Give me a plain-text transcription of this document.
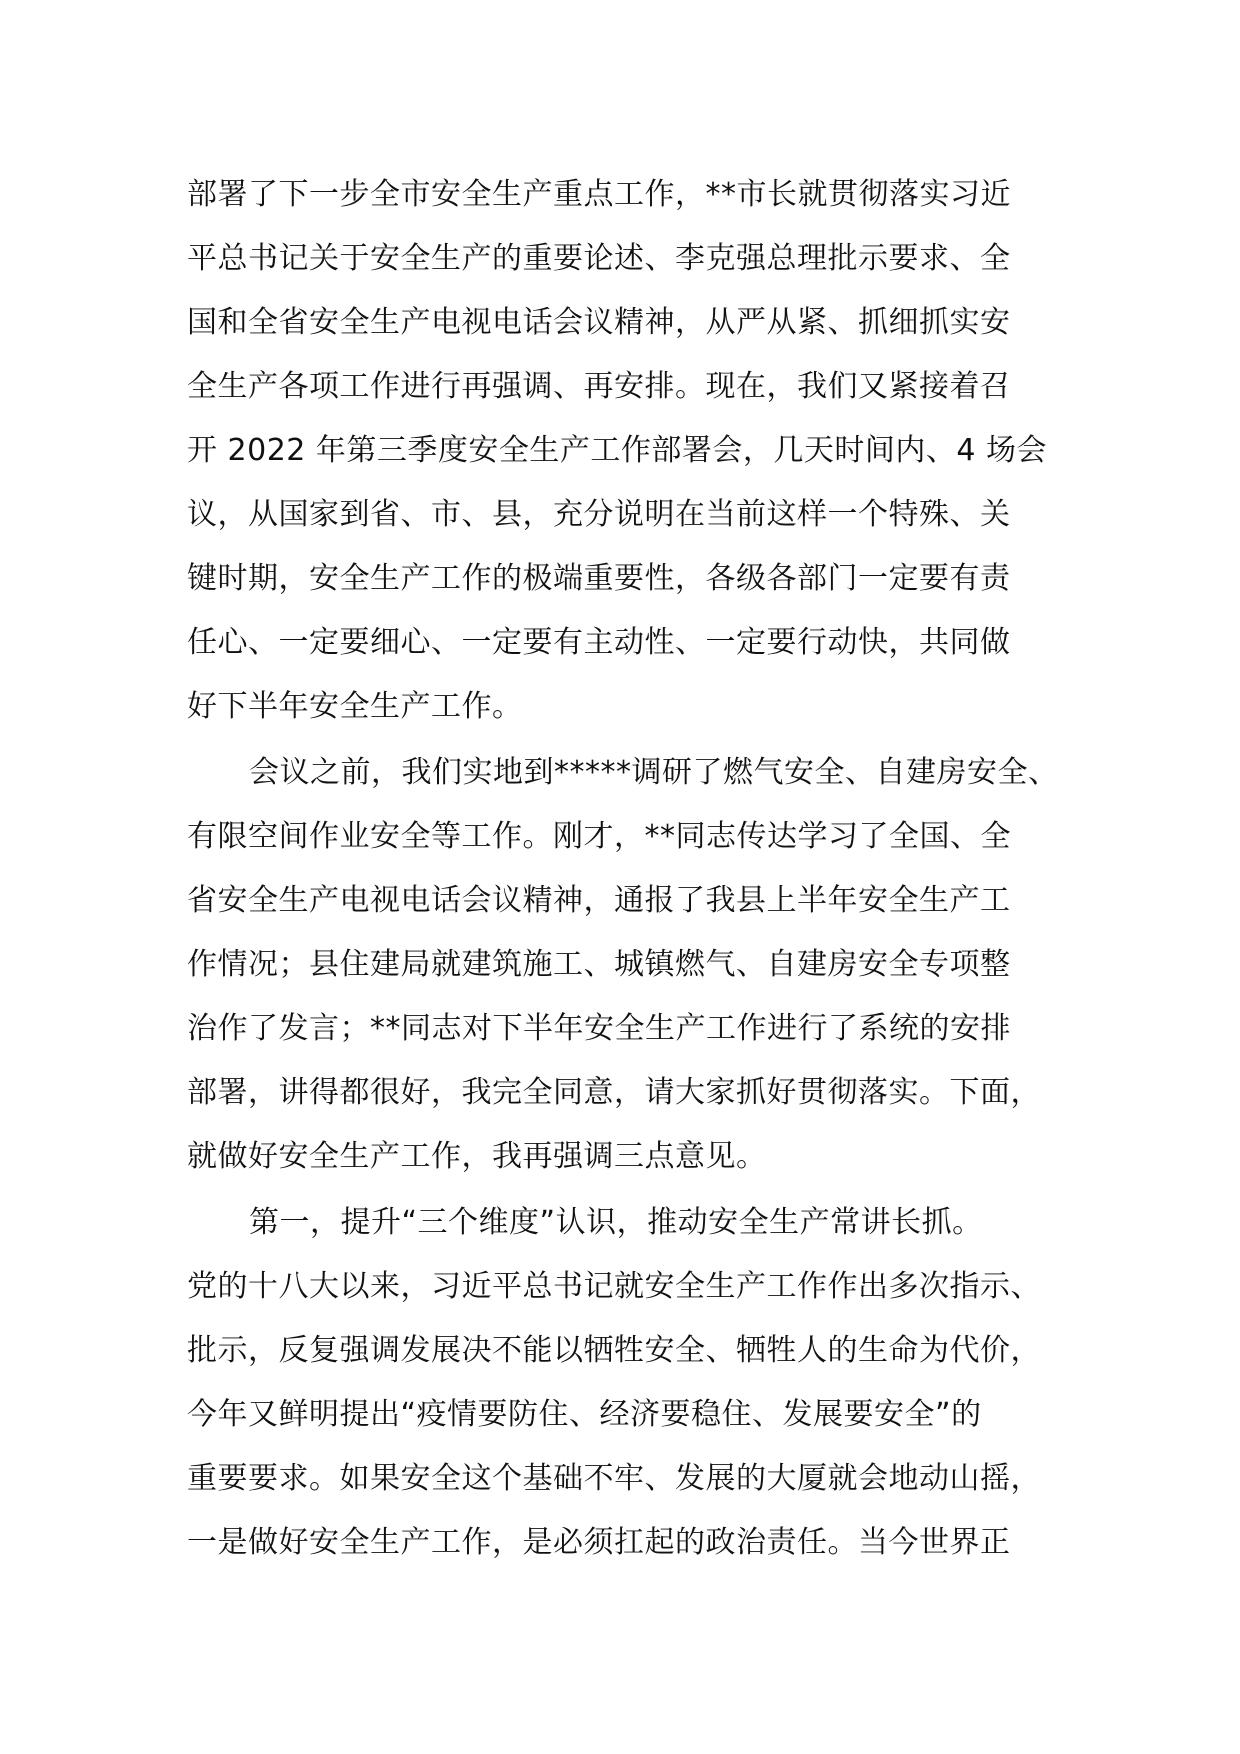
部署了下一步全市安全生产重点工作，**市长就贯彻落实习近
平总书记关于安全生产的重要论述、李克强总理批示要求、全
国和全省安全生产电视电话会议精神，从严从紧、抓细抓实安
全生产各项工作进行再强调、再安排。现在，我们又紧接着召
开 2022 年第三季度安全生产工作部署会，几天时间内、4 场会
议，从国家到省、市、县，充分说明在当前这样一个特殊、关
键时期，安全生产工作的极端重要性，各级各部门一定要有责
任心、一定要细心、一定要有主动性、一定要行动快，共同做
好下半年安全生产工作。
会议之前，我们实地到*****调研了燃气安全、自建房安全、
有限空间作业安全等工作。刚才，**同志传达学习了全国、全
省安全生产电视电话会议精神，通报了我县上半年安全生产工
作情况；县住建局就建筑施工、城镇燃气、自建房安全专项整
治作了发言；**同志对下半年安全生产工作进行了系统的安排
部署，讲得都很好，我完全同意，请大家抓好贯彻落实。下面，
就做好安全生产工作，我再强调三点意见。
第一，提升“三个维度”认识，推动安全生产常讲长抓。
党的十八大以来，习近平总书记就安全生产工作作出多次指示、
批示，反复强调发展决不能以牺牲安全、牺牲人的生命为代价，
今年又鲜明提出“疫情要防住、经济要稳住、发展要安全”的
重要要求。如果安全这个基础不牢、发展的大厦就会地动山摇，
一是做好安全生产工作，是必须扛起的政治责任。当今世界正
